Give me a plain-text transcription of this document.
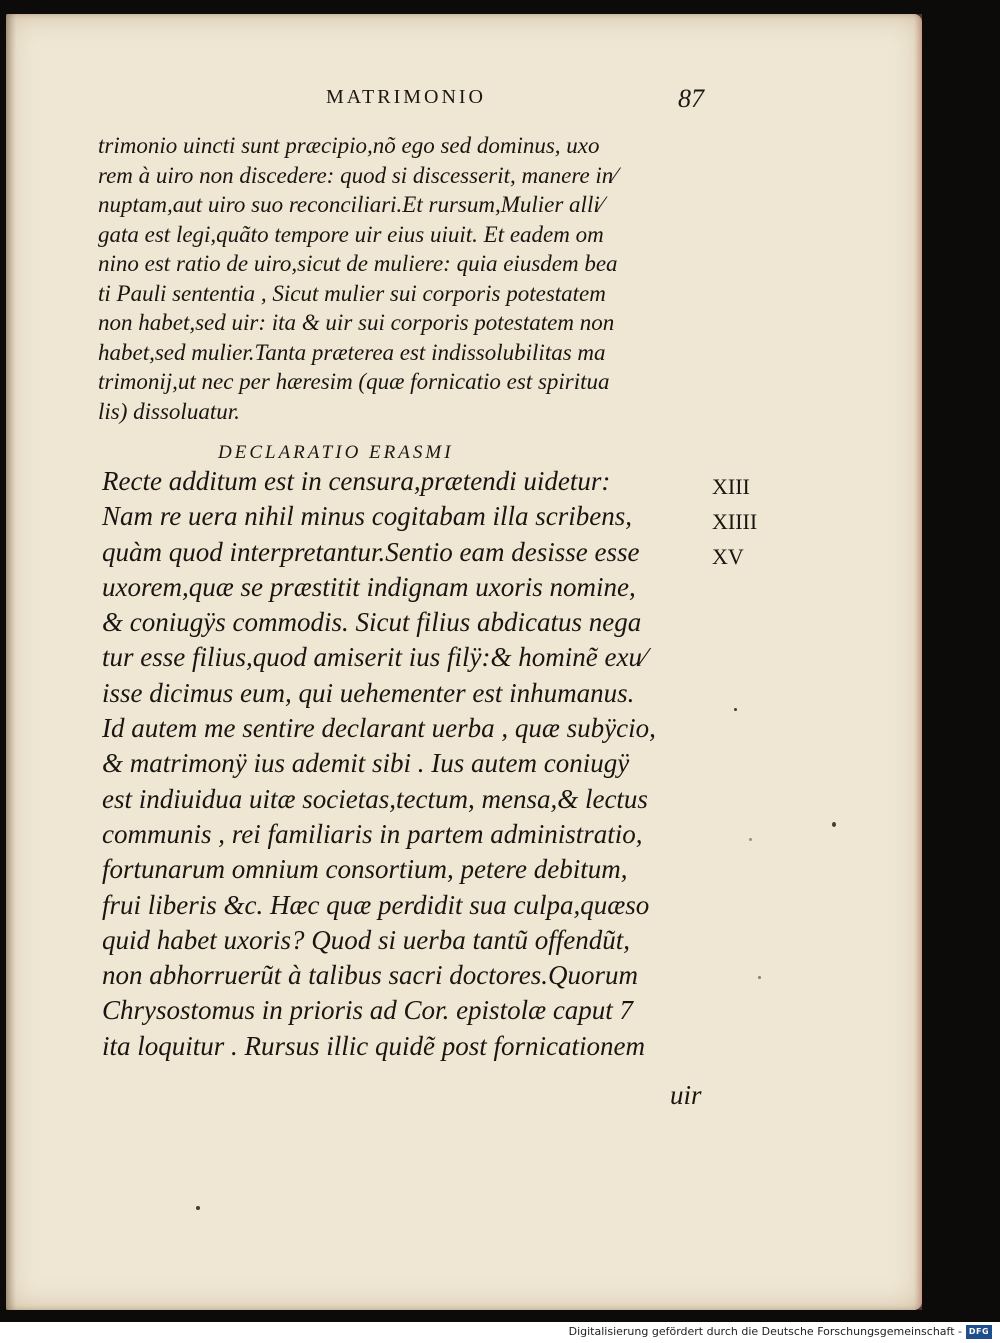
MATRIMONIO	87
trimonio uincti sunt præcipio,nõ ego sed dominus, uxo
rem à uiro non discedere: quod si discesserit, manere in⁄
nuptam,aut uiro suo reconciliari.Et rursum,Mulier alli⁄
gata est legi,quãto tempore uir eius uiuit. Et eadem om
nino est ratio de uiro,sicut de muliere: quia eiusdem bea
ti Pauli sententia , Sicut mulier sui corporis potestatem
non habet,sed uir: ita & uir sui corporis potestatem non
habet,sed mulier.Tanta præterea est indissolubilitas ma
trimonij,ut nec per hæresim (quæ fornicatio est spiritua
lis) dissoluatur.
DECLARATIO ERASMI
Recte additum est in censura,prætendi uidetur:
Nam re uera nihil minus cogitabam illa scribens,
quàm quod interpretantur.Sentio eam desisse esse
uxorem,quæ se præstitit indignam uxoris nomine,
& coniugÿs commodis. Sicut filius abdicatus nega
tur esse filius,quod amiserit ius filÿ:& hominẽ exu⁄
isse dicimus eum, qui uehementer est inhumanus.
Id autem me sentire declarant uerba , quæ subÿcio,
& matrimonÿ ius ademit sibi . Ius autem coniugÿ
est indiuidua uitæ societas,tectum, mensa,& lectus
communis , rei familiaris in partem administratio,
fortunarum omnium consortium, petere debitum,
frui liberis &c. Hæc quæ perdidit sua culpa,quæso
quid habet uxoris? Quod si uerba tantũ offendũt,
non abhorruerũt à talibus sacri doctores.Quorum
Chrysostomus in prioris ad Cor. epistolæ caput 7
ita loquitur . Rursus illic quidẽ post fornicationem
XIII
XIIII
XV
uir
Digitalisierung gefördert durch die Deutsche Forschungsgemeinschaft - DFG
